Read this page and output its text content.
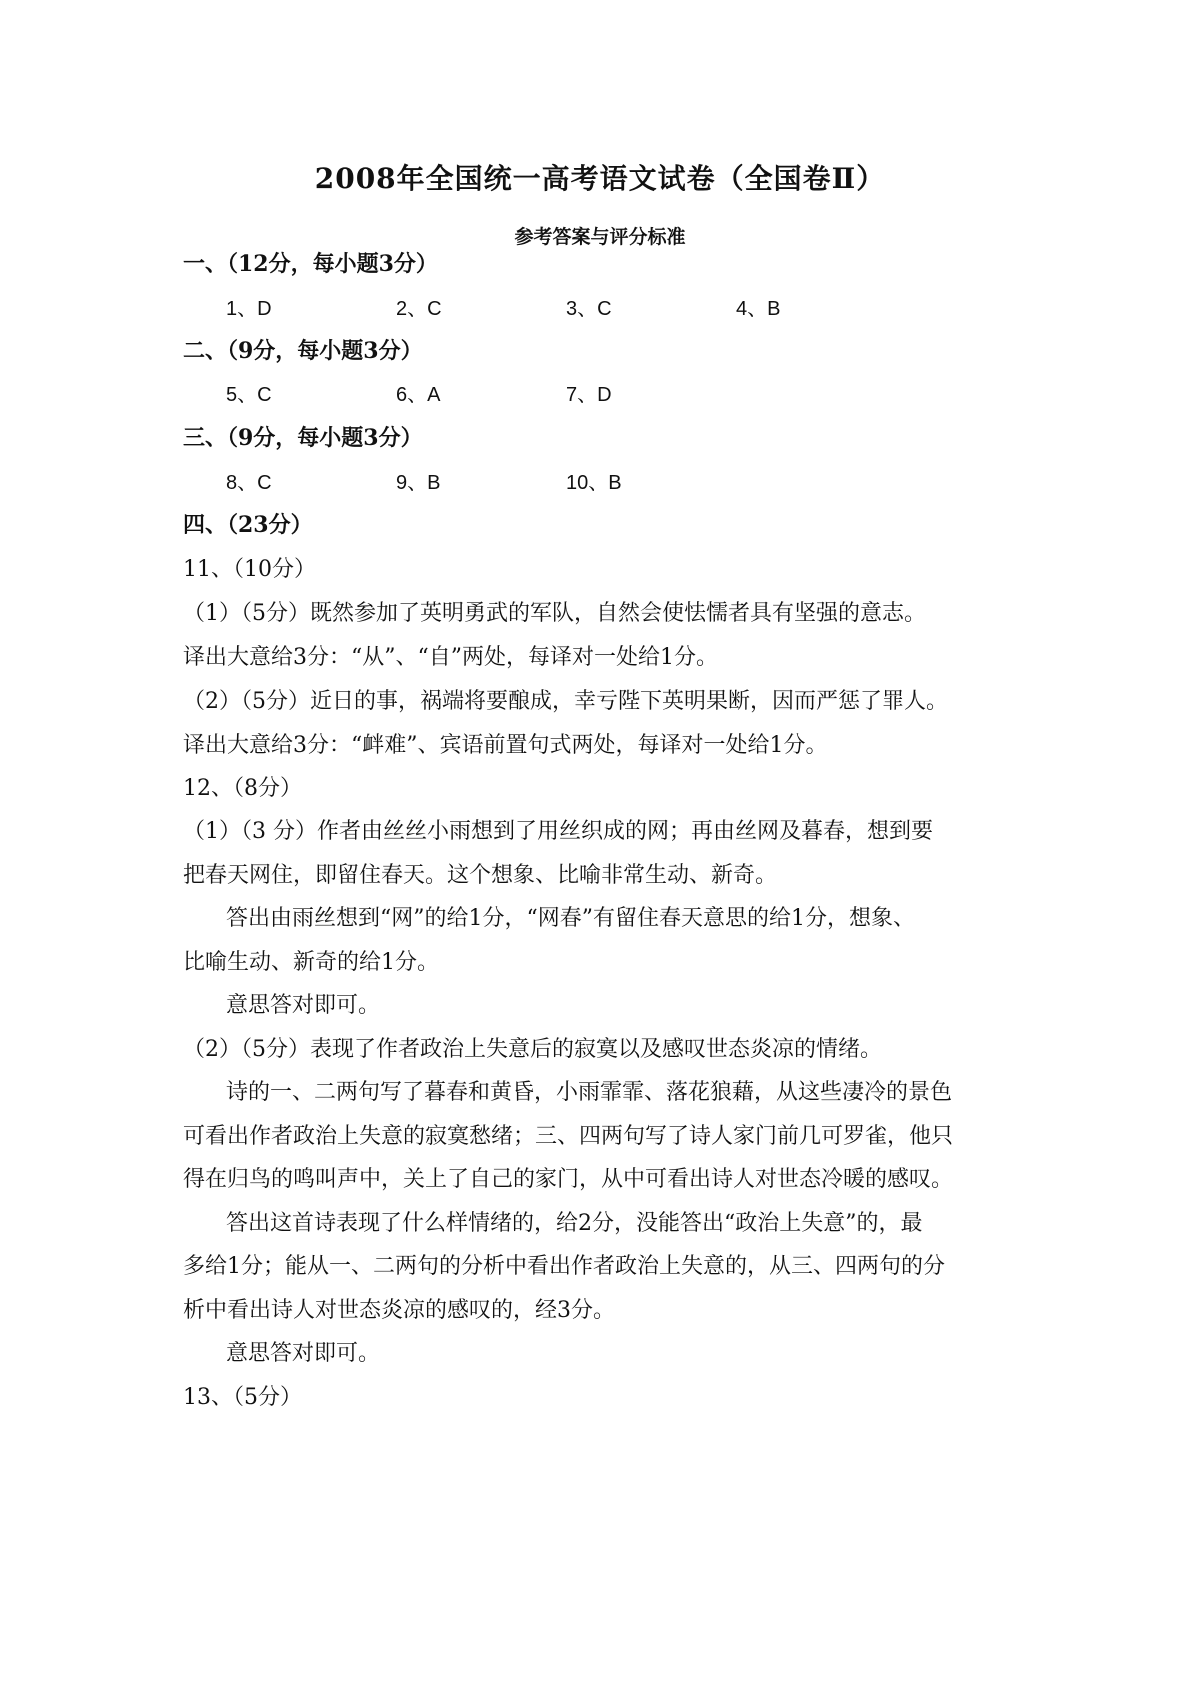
2008年全国统一高考语文试卷（全国卷Ⅱ）
参考答案与评分标准
一、（12分，每小题3分）
1、D	2、C	3、C	4、B
二、（9分，每小题3分）
5、C	6、A	7、D
三、（9分，每小题3分）
8、C	9、B	10、B
四、（23分）
11、（10分）
（1）（5分）既然参加了英明勇武的军队，自然会使怯懦者具有坚强的意志。
译出大意给3分：“从”、“自”两处，每译对一处给1分。
（2）（5分）近日的事，祸端将要酿成，幸亏陛下英明果断，因而严惩了罪人。
译出大意给3分：“衅难”、宾语前置句式两处，每译对一处给1分。
12、（8分）
（1）（3 分）作者由丝丝小雨想到了用丝织成的网；再由丝网及暮春，想到要
把春天网住，即留住春天。这个想象、比喻非常生动、新奇。
答出由雨丝想到“网”的给1分，“网春”有留住春天意思的给1分，想象、
比喻生动、新奇的给1分。
意思答对即可。
（2）（5分）表现了作者政治上失意后的寂寞以及感叹世态炎凉的情绪。
诗的一、二两句写了暮春和黄昏，小雨霏霏、落花狼藉，从这些凄冷的景色
可看出作者政治上失意的寂寞愁绪；三、四两句写了诗人家门前几可罗雀，他只
得在归鸟的鸣叫声中，关上了自己的家门，从中可看出诗人对世态冷暖的感叹。
答出这首诗表现了什么样情绪的，给2分，没能答出“政治上失意”的，最
多给1分；能从一、二两句的分析中看出作者政治上失意的，从三、四两句的分
析中看出诗人对世态炎凉的感叹的，经3分。
意思答对即可。
13、（5分）
